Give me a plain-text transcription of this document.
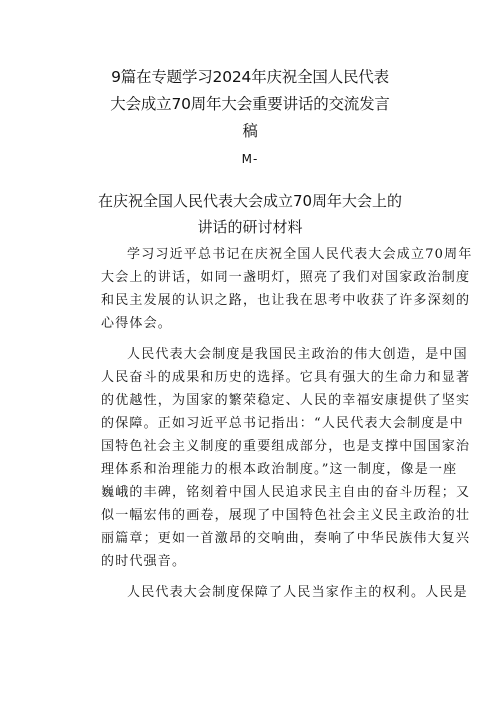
9篇在专题学习2024年庆祝全国人民代表
大会成立70周年大会重要讲话的交流发言
稿
M-
在庆祝全国人民代表大会成立70周年大会上的
讲话的研讨材料

学习习近平总书记在庆祝全国人民代表大会成立70周年
大会上的讲话，如同一盏明灯，照亮了我们对国家政治制度
和民主发展的认识之路，也让我在思考中收获了许多深刻的
心得体会。

人民代表大会制度是我国民主政治的伟大创造，是中国
人民奋斗的成果和历史的选择。它具有强大的生命力和显著
的优越性，为国家的繁荣稳定、人民的幸福安康提供了坚实
的保障。正如习近平总书记指出：“人民代表大会制度是中
国特色社会主义制度的重要组成部分，也是支撑中国国家治
理体系和治理能力的根本政治制度。”这一制度，像是一座
巍峨的丰碑，铭刻着中国人民追求民主自由的奋斗历程；又
似一幅宏伟的画卷，展现了中国特色社会主义民主政治的壮
丽篇章；更如一首激昂的交响曲，奏响了中华民族伟大复兴
的时代强音。

人民代表大会制度保障了人民当家作主的权利。人民是
